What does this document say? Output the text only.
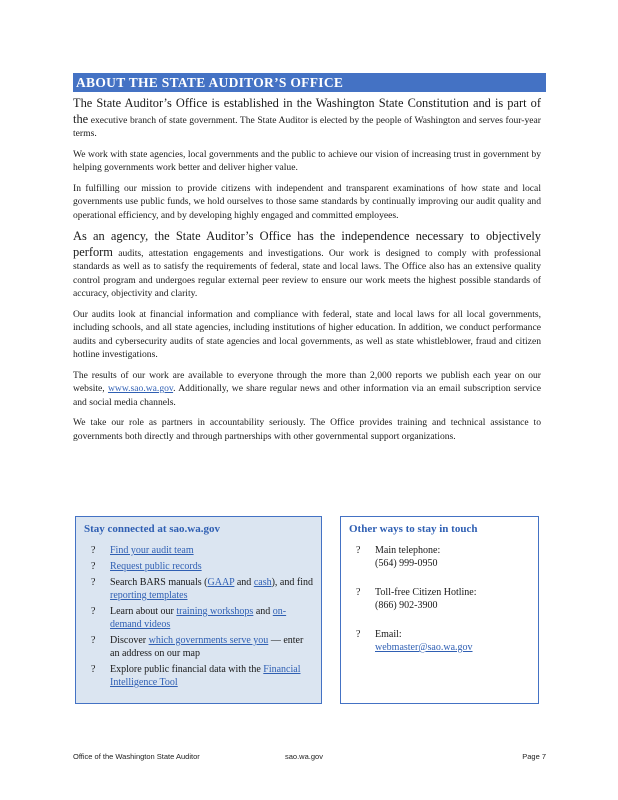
ABOUT THE STATE AUDITOR’S OFFICE

The State Auditor’s Office is established in the Washington State Constitution and is part of the executive branch of state government. The State Auditor is elected by the people of Washington and serves four-year terms.

We work with state agencies, local governments and the public to achieve our vision of increasing trust in government by helping governments work better and deliver higher value.

In fulfilling our mission to provide citizens with independent and transparent examinations of how state and local governments use public funds, we hold ourselves to those same standards by continually improving our audit quality and operational efficiency, and by developing highly engaged and committed employees.

As an agency, the State Auditor’s Office has the independence necessary to objectively perform audits, attestation engagements and investigations. Our work is designed to comply with professional standards as well as to satisfy the requirements of federal, state and local laws. The Office also has an extensive quality control program and undergoes regular external peer review to ensure our work meets the highest possible standards of accuracy, objectivity and clarity.

Our audits look at financial information and compliance with federal, state and local laws for all local governments, including schools, and all state agencies, including institutions of higher education. In addition, we conduct performance audits and cybersecurity audits of state agencies and local governments, as well as state whistleblower, fraud and citizen hotline investigations.

The results of our work are available to everyone through the more than 2,000 reports we publish each year on our website, www.sao.wa.gov. Additionally, we share regular news and other information via an email subscription service and social media channels.

We take our role as partners in accountability seriously. The Office provides training and technical assistance to governments both directly and through partnerships with other governmental support organizations.

Stay connected at sao.wa.gov
? Find your audit team
? Request public records
? Search BARS manuals (GAAP and cash), and find reporting templates
? Learn about our training workshops and on-demand videos
? Discover which governments serve you — enter an address on our map
? Explore public financial data with the Financial Intelligence Tool
Other ways to stay in touch
? Main telephone:
(564) 999-0950
? Toll-free Citizen Hotline:
(866) 902-3900
? Email:
webmaster@sao.wa.gov
Office of the Washington State Auditor	sao.wa.gov	Page 7
